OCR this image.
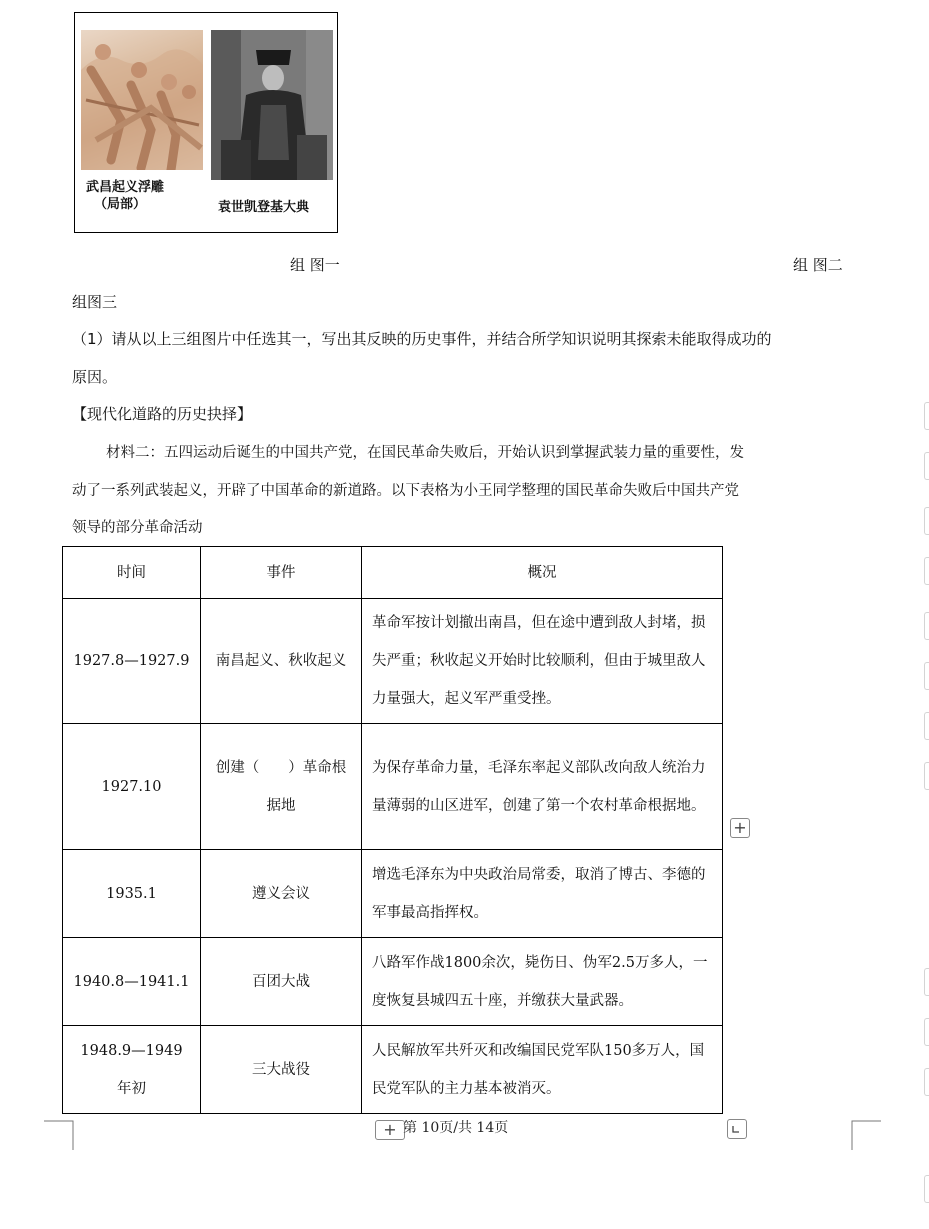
武昌起义浮雕
（局部）	袁世凯登基大典
组 图一	组 图二
组图三
（1）请从以上三组图片中任选其一，写出其反映的历史事件，并结合所学知识说明其探索未能取得成功的
原因。
【现代化道路的历史抉择】
材料二：五四运动后诞生的中国共产党，在国民革命失败后，开始认识到掌握武装力量的重要性，发
动了一系列武装起义，开辟了中国革命的新道路。以下表格为小王同学整理的国民革命失败后中国共产党
领导的部分革命活动
时间	事件	概况
1927.8—1927.9	南昌起义、秋收起义	革命军按计划撤出南昌，但在途中遭到敌人封堵，损失严重；秋收起义开始时比较顺利，但由于城里敌人力量强大，起义军严重受挫。
1927.10	创建（　　）革命根据地	为保存革命力量，毛泽东率起义部队改向敌人统治力量薄弱的山区进军，创建了第一个农村革命根据地。
1935.1	遵义会议	增选毛泽东为中央政治局常委，取消了博古、李德的军事最高指挥权。
1940.8—1941.1	百团大战	八路军作战1800余次，毙伤日、伪军2.5万多人，一度恢复县城四五十座，并缴获大量武器。
1948.9—1949年初	三大战役	人民解放军共歼灭和改编国民党军队150多万人，国民党军队的主力基本被消灭。
+
+ 第 10页/共 14页
